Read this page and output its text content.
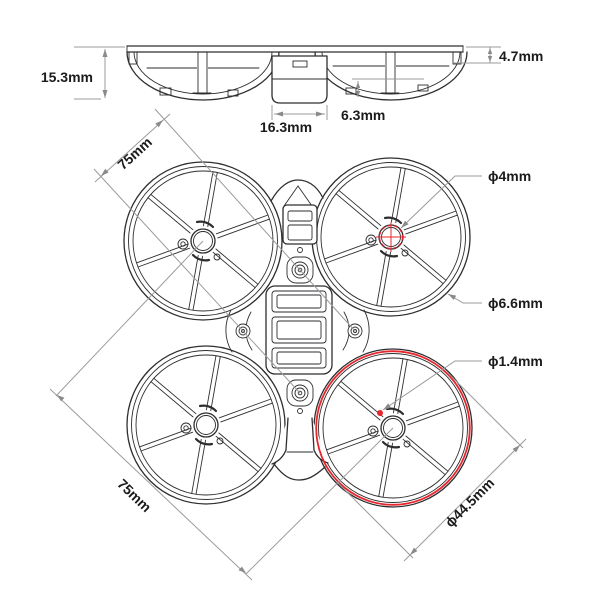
15.3mm
4.7mm
16.3mm
6.3mm
75mm
75mm	ϕ44.5mm
ϕ4mm
ϕ6.6mm
ϕ1.4mm
